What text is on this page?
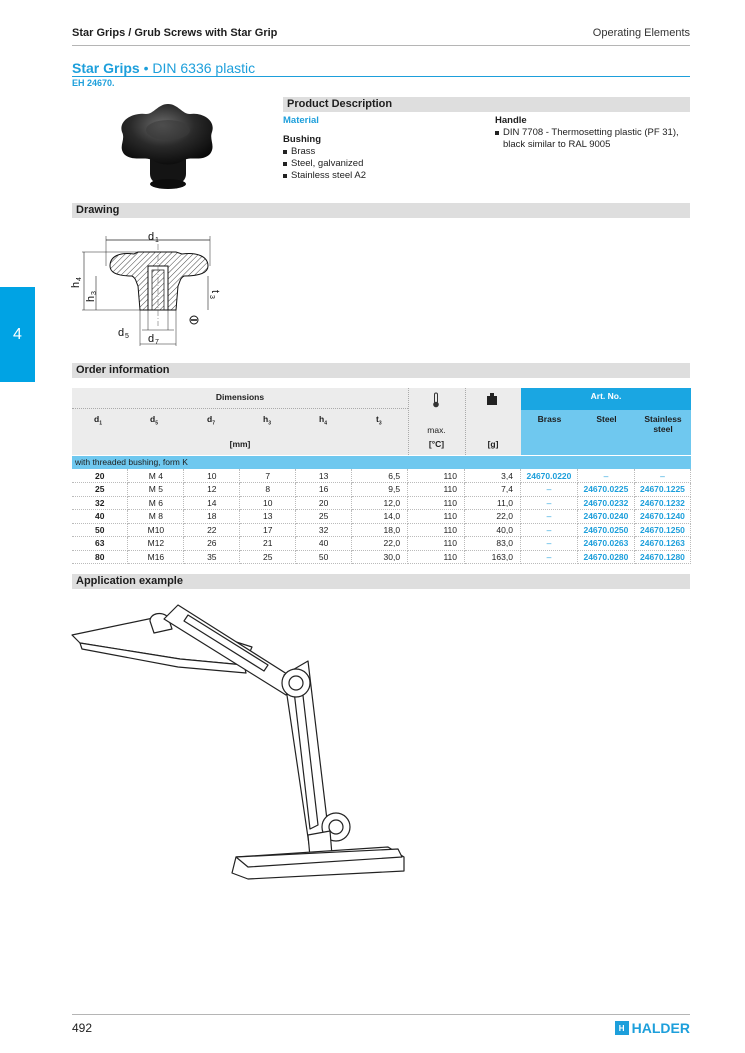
Star Grips / Grub Screws with Star Grip	Operating Elements
Star Grips • DIN 6336 plastic
EH 24670.
4
Product Description
Material
Bushing
Brass
Steel, galvanized
Stainless steel A2
Handle
DIN 7708 - Thermosetting plastic (PF 31), black similar to RAL 9005
Drawing
d 1
d 5 d 7
h
4
h
3	t
3
Order information
Art. No.
Dimensions
$d_1$	$d_5$	$d_7$	$h_3$	$h_4$	$t_3$
[mm]
max.
[°C]	[g]
Brass	Steel	Stainless steel
with threaded bushing, form K
20	M 4	10	7	13	6,5	110	3,4	24670.0220	–	–
25	M 5	12	8	16	9,5	110	7,4	–	24670.0225	24670.1225
32	M 6	14	10	20	12,0	110	11,0	–	24670.0232	24670.1232
40	M 8	18	13	25	14,0	110	22,0	–	24670.0240	24670.1240
50	M10	22	17	32	18,0	110	40,0	–	24670.0250	24670.1250
63	M12	26	21	40	22,0	110	83,0	–	24670.0263	24670.1263
80	M16	35	25	50	30,0	110	163,0	–	24670.0280	24670.1280
Application example
492	H HALDER
